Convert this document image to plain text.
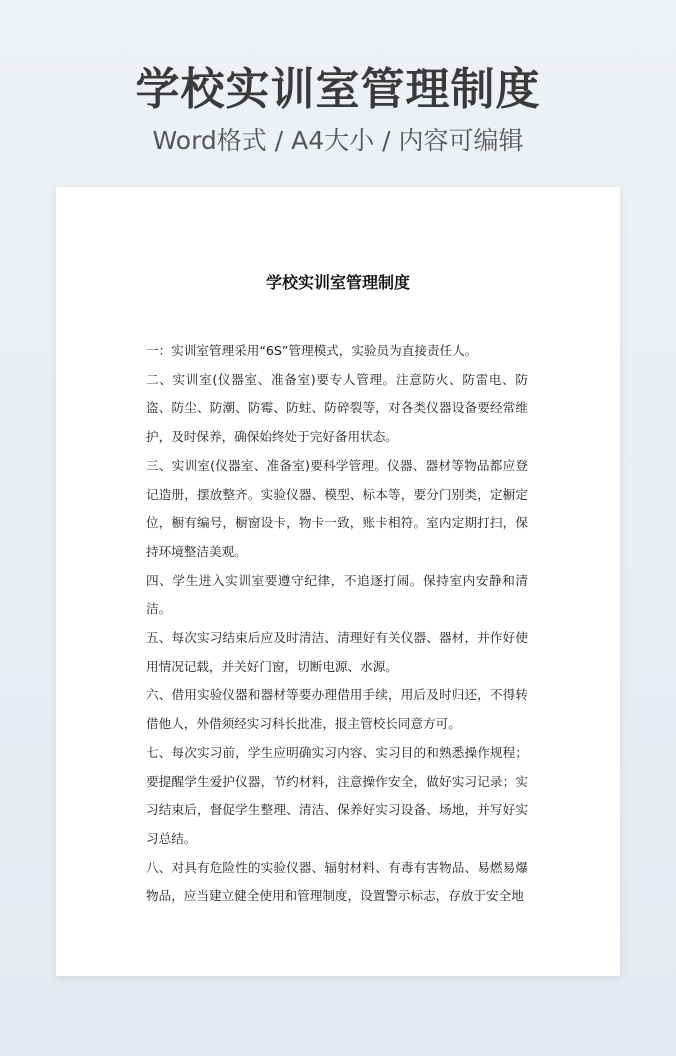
学校实训室管理制度
Word格式 / A4大小 / 内容可编辑
学校实训室管理制度

一：实训室管理采用“6S”管理模式，实验员为直接责任人。

二、实训室(仪器室、准备室)要专人管理。注意防火、防雷电、防盗、防尘、防潮、防霉、防蛀、防碎裂等，对各类仪器设备要经常维护，及时保养，确保始终处于完好备用状态。

三、实训室(仪器室、准备室)要科学管理。仪器、器材等物品都应登记造册，摆放整齐。实验仪器、模型、标本等，要分门别类，定橱定位，橱有编号，橱窗设卡，物卡一致，账卡相符。室内定期打扫，保持环境整洁美观。

四、学生进入实训室要遵守纪律，不追逐打闹。保持室内安静和清洁。

五、每次实习结束后应及时清洁、清理好有关仪器、器材，并作好使用情况记载，并关好门窗，切断电源、水源。

六、借用实验仪器和器材等要办理借用手续，用后及时归还，不得转借他人，外借须经实习科长批准，报主管校长同意方可。

七、每次实习前，学生应明确实习内容、实习目的和熟悉操作规程；要提醒学生爱护仪器，节约材料，注意操作安全，做好实习记录；实习结束后，督促学生整理、清洁、保养好实习设备、场地，并写好实习总结。

八、对具有危险性的实验仪器、辐射材料、有毒有害物品、易燃易爆物品，应当建立健全使用和管理制度，设置警示标志，存放于安全地
